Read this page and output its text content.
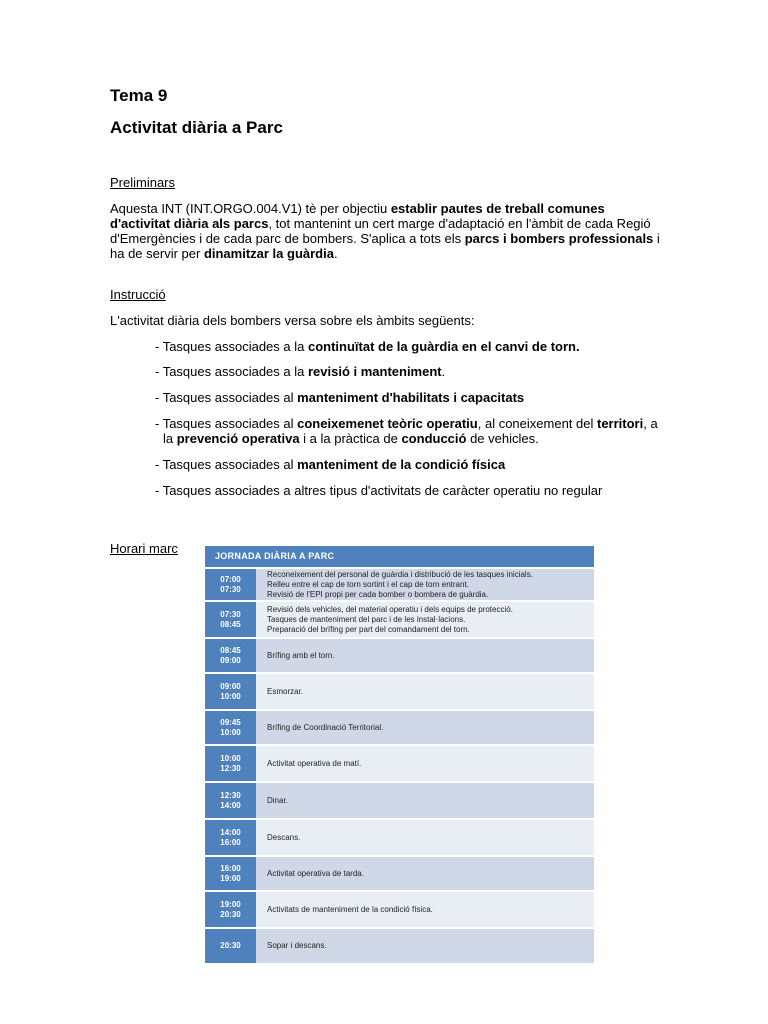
Tema 9
Activitat diària a Parc
Preliminars
Aquesta INT (INT.ORGO.004.V1) tè per objectiu establir pautes de treball comunes d'activitat diària als parcs, tot mantenint un cert marge d'adaptació en l'àmbit de cada Regió d'Emergències i de cada parc de bombers. S'aplica a tots els parcs i bombers professionals i ha de servir per dinamitzar la guàrdia.
Instrucció
L'activitat diària dels bombers versa sobre els àmbits següents:
- Tasques associades a la continuïtat de la guàrdia en el canvi de torn.
- Tasques associades a la revisió i manteniment.
- Tasques associades al manteniment d'habilitats i capacitats
- Tasques associades al coneixemenet teòric operatiu, al coneixement del territori, a la prevenció operativa i a la pràctica de conducció de vehicles.
- Tasques associades al manteniment de la condició física
- Tasques associades a altres tipus d'activitats de caràcter operatiu no regular
Horari marc	JORNADA DIÀRIA A PARC
07:00
07:30
Reconeixement del personal de guàrdia i distribució de les tasques inicials.
Relleu entre el cap de torn sortint i el cap de torn entrant.
Revisió de l'EPI propi per cada bomber o bombera de guàrdia.
07:30
08:45
Revisió dels vehicles, del material operatiu i dels equips de protecció.
Tasques de manteniment del parc i de les instal·lacions.
Preparació del brífing per part del comandament del torn.
08:45
09:00
Brífing amb el torn.
09:00
10:00
Esmorzar.
09:45
10:00
Brífing de Coordinació Territorial.
10:00
12:30
Activitat operativa de matí.
12:30
14:00
Dinar.
14:00
16:00
Descans.
16:00
19:00
Activitat operativa de tarda.
19:00
20:30
Activitats de manteniment de la condició física.
20:30	Sopar i descans.
